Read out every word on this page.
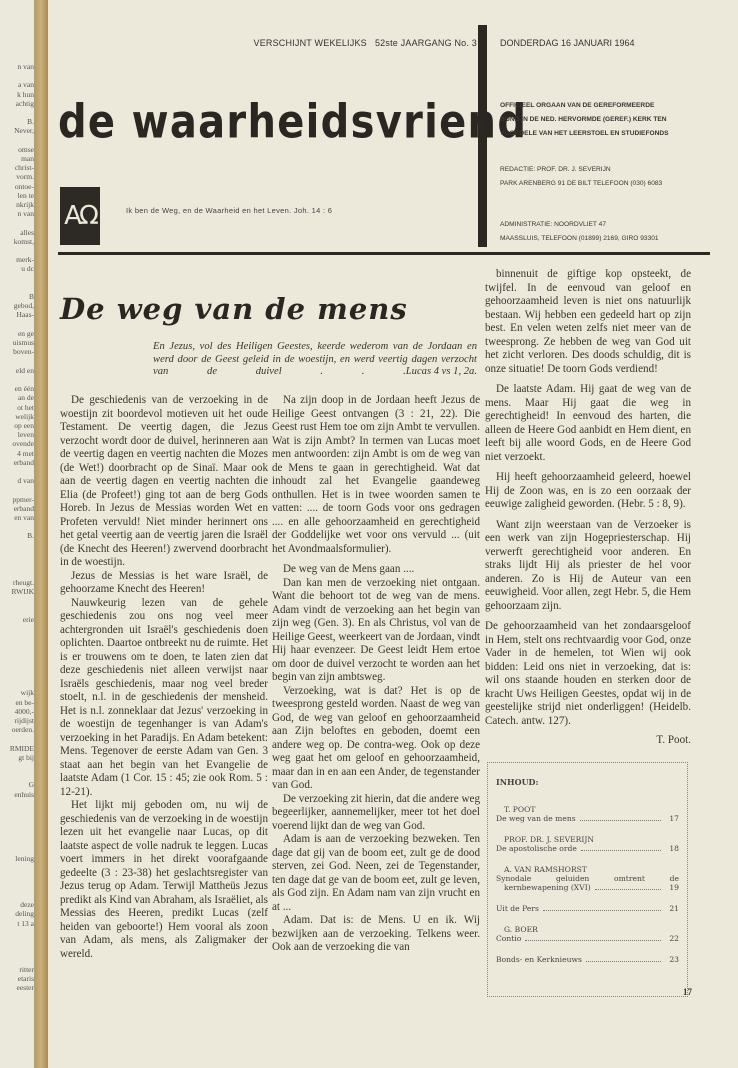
n van

a van
k hun
achtig

B.
Never,

omse
man
christ-
vorm.
ontoe-
len te
nkrijk
n van

alles
komst,

merk-
u dc

B
gebod,
Haas-

en ge
uismus
boven-

eld en

en één
an de
ot het
welijk
op een
leven
ovende
4 met
erband

d van

ppmer-
erband
en van

B.
rheugt.
RWIJK

erie

wijk
en be-
4000,-
rijdijst
oerden.

RMIDE
gt bij

G
enhuis

lening

deze
deling
t 13 a

ritter
etaris
eester
VERSCHIJNT WEKELIJKS   52ste JAARGANG No. 3	DONDERDAG 16 JANUARI 1964
de waarheidsvriend
OFFICIEEL ORGAAN VAN DE GEREFORMEERDE
BOND IN DE NED. HERVORMDE (GEREF.) KERK TEN
VOORDELE VAN HET LEERSTOEL EN STUDIEFONDS
REDACTIE: PROF. DR. J. SEVERIJN
PARK ARENBERG 91 DE BILT TELEFOON (030) 6083
ADMINISTRATIE: NOORDVLIET 47
MAASSLUIS, TELEFOON (01899) 2169, GIRO 93301
AΩ	Ik ben de Weg, en de Waarheid en het Leven. Joh. 14 : 6
De weg van de mens
En Jezus, vol des Heiligen Geestes, keerde wederom van de Jordaan en werd door de Geest geleid in de woestijn, en werd veertig dagen verzocht van de duivel . . . Lucas 4 vs 1, 2a.

De geschiedenis van de verzoeking in de woestijn zit boordevol motieven uit het oude Testament. De veertig dagen, die Jezus verzocht wordt door de duivel, herinneren aan de veertig dagen en veertig nachten die Mozes (de Wet!) doorbracht op de Sinaï. Maar ook aan de veertig dagen en veertig nachten die Elia (de Profeet!) ging tot aan de berg Gods Horeb. In Jezus de Messias worden Wet en Profeten vervuld! Niet minder herinnert ons het getal veertig aan de veertig jaren die Israël (de Knecht des Heeren!) zwervend doorbracht in de woestijn.

Jezus de Messias is het ware Israël, de gehoorzame Knecht des Heeren!

Nauwkeurig lezen van de gehele geschiedenis zou ons nog veel meer achtergronden uit Israël's geschiedenis doen oplichten. Daartoe ontbreekt nu de ruimte. Het is er trouwens om te doen, te laten zien dat deze geschiedenis niet alleen verwijst naar Israëls geschiedenis, maar nog veel breder stoelt, n.l. in de geschiedenis der mensheid. Het is n.l. zonneklaar dat Jezus' verzoeking in de woestijn de tegenhanger is van Adam's verzoeking in het Paradijs. En Adam betekent: Mens. Tegenover de eerste Adam van Gen. 3 staat aan het begin van het Evangelie de laatste Adam (1 Cor. 15 : 45; zie ook Rom. 5 : 12-21).

Het lijkt mij geboden om, nu wij de geschiedenis van de verzoeking in de woestijn lezen uit het evangelie naar Lucas, op dit laatste aspect de volle nadruk te leggen. Lucas voert immers in het direkt voorafgaande gedeelte (3 : 23-38) het geslachtsregister van Jezus terug op Adam. Terwijl Mattheüs Jezus predikt als Kind van Abraham, als Israëliet, als Messias des Heeren, predikt Lucas (zelf heiden van geboorte!) Hem vooral als zoon van Adam, als mens, als Zaligmaker der wereld.

Na zijn doop in de Jordaan heeft Jezus de Heilige Geest ontvangen (3 : 21, 22). Die Geest rust Hem toe om zijn Ambt te vervullen. Wat is zijn Ambt? In termen van Lucas moet men antwoorden: zijn Ambt is om de weg van de Mens te gaan in gerechtigheid. Wat dat inhoudt zal het Evangelie gaandeweg onthullen. Het is in twee woorden samen te vatten: .... de toorn Gods voor ons gedragen .... en alle gehoorzaamheid en gerechtigheid der Goddelijke wet voor ons vervuld ... (uit het Avondmaalsformulier).

De weg van de Mens gaan ....

Dan kan men de verzoeking niet ontgaan. Want die behoort tot de weg van de mens. Adam vindt de verzoeking aan het begin van zijn weg (Gen. 3). En als Christus, vol van de Heilige Geest, weerkeert van de Jordaan, vindt Hij haar evenzeer. De Geest leidt Hem ertoe om door de duivel verzocht te worden aan het begin van zijn ambtsweg.

Verzoeking, wat is dat? Het is op de tweesprong gesteld worden. Naast de weg van God, de weg van geloof en gehoorzaamheid aan Zijn beloftes en geboden, doemt een andere weg op. De contra-weg. Ook op deze weg gaat het om geloof en gehoorzaamheid, maar dan in en aan een Ander, de tegenstander van God.

De verzoeking zit hierin, dat die andere weg begeerlijker, aannemelijker, meer tot het doel voerend lijkt dan de weg van God.

Adam is aan de verzoeking bezweken. Ten dage dat gij van de boom eet, zult ge de dood sterven, zei God. Neen, zei de Tegenstander, ten dage dat ge van de boom eet, zult ge leven, als God zijn. En Adam nam van zijn vrucht en at ...

Adam. Dat is: de Mens. U en ik. Wij bezwijken aan de verzoeking. Telkens weer. Ook aan de verzoeking die van

binnenuit de giftige kop opsteekt, de twijfel. In de eenvoud van geloof en gehoorzaamheid leven is niet ons natuurlijk bestaan. Wij hebben een gedeeld hart op zijn best. En velen weten zelfs niet meer van de tweesprong. Ze hebben de weg van God uit het zicht verloren. Des doods schuldig, dit is onze situatie! De toorn Gods verdiend!

De laatste Adam. Hij gaat de weg van de mens. Maar Hij gaat die weg in gerechtigheid! In eenvoud des harten, die alleen de Heere God aanbidt en Hem dient, en leeft bij alle woord Gods, en de Heere God niet verzoekt.

Hij heeft gehoorzaamheid geleerd, hoewel Hij de Zoon was, en is zo een oorzaak der eeuwige zaligheid geworden. (Hebr. 5 : 8, 9).

Want zijn weerstaan van de Verzoeker is een werk van zijn Hogepriesterschap. Hij verwerft gerechtigheid voor anderen. En straks lijdt Hij als priester de hel voor anderen. Zo is Hij de Auteur van een eeuwigheid. Voor allen, zegt Hebr. 5, die Hem gehoorzaam zijn.

De gehoorzaamheid van het zondaarsgeloof in Hem, stelt ons rechtvaardig voor God, onze Vader in de hemelen, tot Wien wij ook bidden: Leid ons niet in verzoeking, dat is: wil ons staande houden en sterken door de kracht Uws Heiligen Geestes, opdat wij in de geestelijke strijd niet onderliggen! (Heidelb. Catech. antw. 127).

T. Poot.
INHOUD:
T. POOT
De weg van de mens	17
PROF. DR. J. SEVERIJN
De apostolische orde	18
A. VAN RAMSHORST
Synodale geluiden omtrent de
kernbewapening (XVI)	19
Uit de Pers	21
G. BOER
Contio	22
Bonds- en Kerknieuws	23
17
